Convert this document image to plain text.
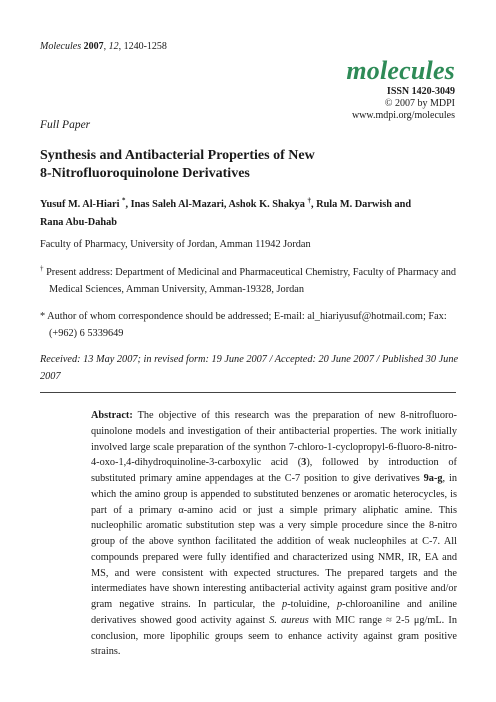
Molecules 2007, 12, 1240-1258
molecules
ISSN 1420-3049
© 2007 by MDPI
www.mdpi.org/molecules
Full Paper
Synthesis and Antibacterial Properties of New
8-Nitrofluoroquinolone Derivatives
Yusuf M. Al-Hiari *, Inas Saleh Al-Mazari, Ashok K. Shakya †, Rula M. Darwish and
Rana Abu-Dahab
Faculty of Pharmacy, University of Jordan, Amman 11942 Jordan
† Present address: Department of Medicinal and Pharmaceutical Chemistry, Faculty of Pharmacy and
Medical Sciences, Amman University, Amman-19328, Jordan
* Author of whom correspondence should be addressed; E-mail: al_hiariyusuf@hotmail.com; Fax:
(+962) 6 5339649
Received: 13 May 2007; in revised form: 19 June 2007 / Accepted: 20 June 2007 / Published 30 June
2007
Abstract: The objective of this research was the preparation of new 8-nitrofluoro-quinolone models and investigation of their antibacterial properties. The work initially involved large scale preparation of the synthon 7-chloro-1-cyclopropyl-6-fluoro-8-nitro-4-oxo-1,4-dihydroquinoline-3-carboxylic acid (3), followed by introduction of substituted primary amine appendages at the C-7 position to give derivatives 9a-g, in which the amino group is appended to substituted benzenes or aromatic heterocycles, is part of a primary α-amino acid or just a simple primary aliphatic amine. This nucleophilic aromatic substitution step was a very simple procedure since the 8-nitro group of the above synthon facilitated the addition of weak nucleophiles at C-7. All compounds prepared were fully identified and characterized using NMR, IR, EA and MS, and were consistent with expected structures. The prepared targets and the intermediates have shown interesting antibacterial activity against gram positive and/or gram negative strains. In particular, the p-toluidine, p-chloroaniline and aniline derivatives showed good activity against S. aureus with MIC range ≈ 2-5 μg/mL. In conclusion, more lipophilic groups seem to enhance activity against gram positive strains.
